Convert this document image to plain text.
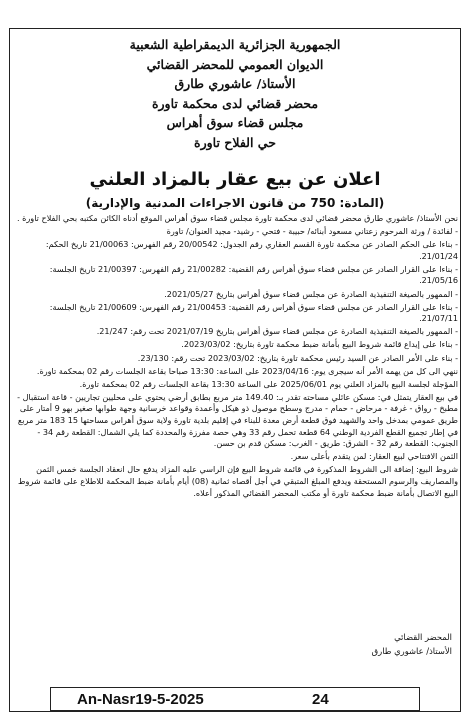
الجمهورية الجزائرية الديمقراطية الشعبية
الديوان العمومي للمحضر القضائي
الأستاذ/ عاشوري طارق
محضر قضائي لدى محكمة تاورة
مجلس قضاء سوق أهراس
حي الفلاح تاورة
اعلان عن بيع عقار بالمزاد العلني
(المادة: 750 من قانون الاجراءات المدنية والإدارية)

نحن الأستاذ/ عاشوري طارق محضر قضائي لدى محكمة تاورة مجلس قضاء سوق أهراس الموقع أدناه الكائن مكتبه بحي الفلاح تاورة .

- لفائدة / ورثة المرحوم زعتاني مسعود أبنائه/ حبيبة - فتحي - رشيد- مجيد العنوان/ تاورة

- بناءا على الحكم الصادر عن محكمة تاورة القسم العقاري رقم الجدول: 20/00542 رقم الفهرس: 21/00063 تاريخ الحكم: 21/01/24.

- بناءا على القرار الصادر عن مجلس قضاء سوق أهراس رقم القضية: 21/00282 رقم الفهرس: 21/00397 تاريخ الجلسة: 21/05/16.

- الممهور بالصيغة التنفيذية الصادرة عن مجلس قضاء سوق أهراس بتاريخ 2021/05/27.

- بناءا على القرار الصادر عن مجلس قضاء سوق أهراس رقم القضية: 21/00453 رقم الفهرس: 21/00609 تاريخ الجلسة: 21/07/11.

- الممهور بالصيغة التنفيذية الصادرة عن مجلس قضاء سوق أهراس بتاريخ 2021/07/19 تحت رقم: 21/247.

- بناءا على إيداع قائمة شروط البيع بأمانة ضبط محكمة تاورة بتاريخ: 2023/03/02.

- بناء على الأمر الصادر عن السيد رئيس محكمة تاورة بتاريخ: 2023/03/02 تحت رقم: 23/130.

ننهي الى كل من يهمه الأمر أنه سيجرى يوم: 2023/04/16 على الساعة: 13:30 صباحا بقاعة الجلسات رقم 02 بمحكمة تاورة.

المؤجلة لجلسة البيع بالمزاد العلني يوم 2025/06/01 على الساعة 13:30 بقاعة الجلسات رقم 02 بمحكمة تاورة.

في بيع العقار يتمثل في: مسكن عائلي مساحته تقدر بـ: 149.40 متر مربع بطابق أرضي يحتوي على محليين تجاريين - قاعة استقبال - مطبخ - رواق - غرفة - مرحاض - حمام - مدرج وسطح موصول ذو هيكل وأعمدة وقواعد خرسانية وجهة طوابها صغير بهو 9 أمتار على طريق عمومي بمدخل واحد والشهيد فوق قطعة أرض معدة للبناء في إقليم بلدية تاورة ولاية سوق أهراس مساحتها 15 183 متر مربع في إطار تجميع القطع الفردية الوطني 64 قطعة تحمل رقم 33 وهي حصة مفرزة والمحددة كما يلي الشمال: القطعة رقم 34 - الجنوب: القطعة رقم 32 - الشرق: طريق - الغرب: مسكن قدم بن حسن.

الثمن الافتتاحي لبيع العقار: لمن يتقدم بأعلى سعر.

شروط البيع: إضافة الى الشروط المذكورة في قائمة شروط البيع فإن الراسي عليه المزاد يدفع حال انعقاد الجلسة خمس الثمن والمصاريف والرسوم المستحقة ويدفع المبلغ المتبقي في أجل أقصاه ثمانية (08) أيام بأمانة ضبط المحكمة للاطلاع على قائمة شروط البيع الاتصال بأمانة ضبط محكمة تاورة أو مكتب المحضر القضائي المذكور أعلاه.

المحضر القضائي
الأستاذ/ عاشوري طارق
An-Nasr19-5-2025	24
